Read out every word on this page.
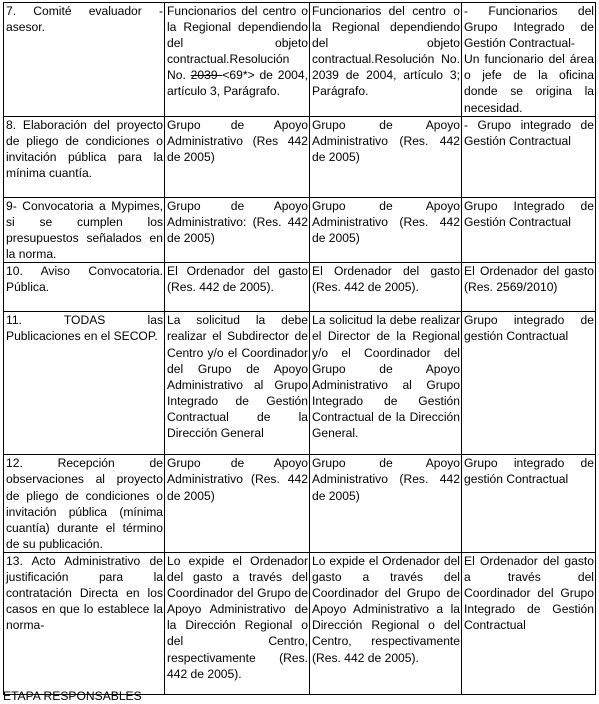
7. Comité evaluador - asesor.	Funcionarios del centro o la Regional dependiendo del objeto contractual.Resolución No. 2039 <69*> de 2004, artículo 3, Parágrafo.	Funcionarios del centro o la Regional dependiendo del objeto contractual.Resolución No. 2039 de 2004, artículo 3; Parágrafo.	- Funcionarios del Grupo Integrado de Gestión Contractual-
Un funcionario del área o jefe de la oficina donde se origina la necesidad.

8. Elaboración del proyecto de pliego de condiciones o invitación pública para la mínima cuantía.	Grupo de Apoyo Administrativo (Res 442 de 2005)	Grupo de Apoyo Administrativo (Res. 442 de 2005)	- Grupo integrado de Gestión Contractual

9- Convocatoria a Mypimes, si se cumplen los presupuestos señalados en la norma.	Grupo de Apoyo Administrativo: (Res. 442 de 2005)	Grupo de Apoyo Administrativo (Res. 442 de 2005)	Grupo Integrado de Gestión Contractual

10. Aviso Convocatoria. Pública.	El Ordenador del gasto (Res. 442 de 2005).	El Ordenador del gasto (Res. 442 de 2005).	El Ordenador del gasto (Res. 2569/2010)

11. TODAS las Publicaciones en el SECOP.	La solicitud la debe realizar el Subdirector de Centro y/o el Coordinador del Grupo de Apoyo Administrativo al Grupo Integrado de Gestión Contractual de la Dirección General	La solicitud la debe realizar el Director de la Regional y/o el Coordinador del Grupo de Apoyo Administrativo al Grupo Integrado de Gestión Contractual de la Dirección General.	Grupo integrado de gestión Contractual

12. Recepción de observaciones al proyecto de pliego de condiciones o invitación pública (mínima cuantía) durante el término de su publicación.	Grupo de Apoyo Administrativo (Res. 442 de 2005)	Grupo de Apoyo Administrativo (Res. 442 de 2005)	Grupo integrado de gestión Contractual

13. Acto Administrativo de justificación para la contratación Directa en los casos en que lo establece la norma-	Lo expide el Ordenador del gasto a través del Coordinador del Grupo de Apoyo Administrativo de la Dirección Regional o del Centro, respectivamente (Res. 442 de 2005).	Lo expide el Ordenador del gasto a través del Coordinador del Grupo de Apoyo Administrativo a la Dirección Regional o del Centro, respectivamente (Res. 442 de 2005).	El Ordenador del gasto a través del Coordinador del Grupo Integrado de Gestión Contractual

ETAPA RESPONSABLES
